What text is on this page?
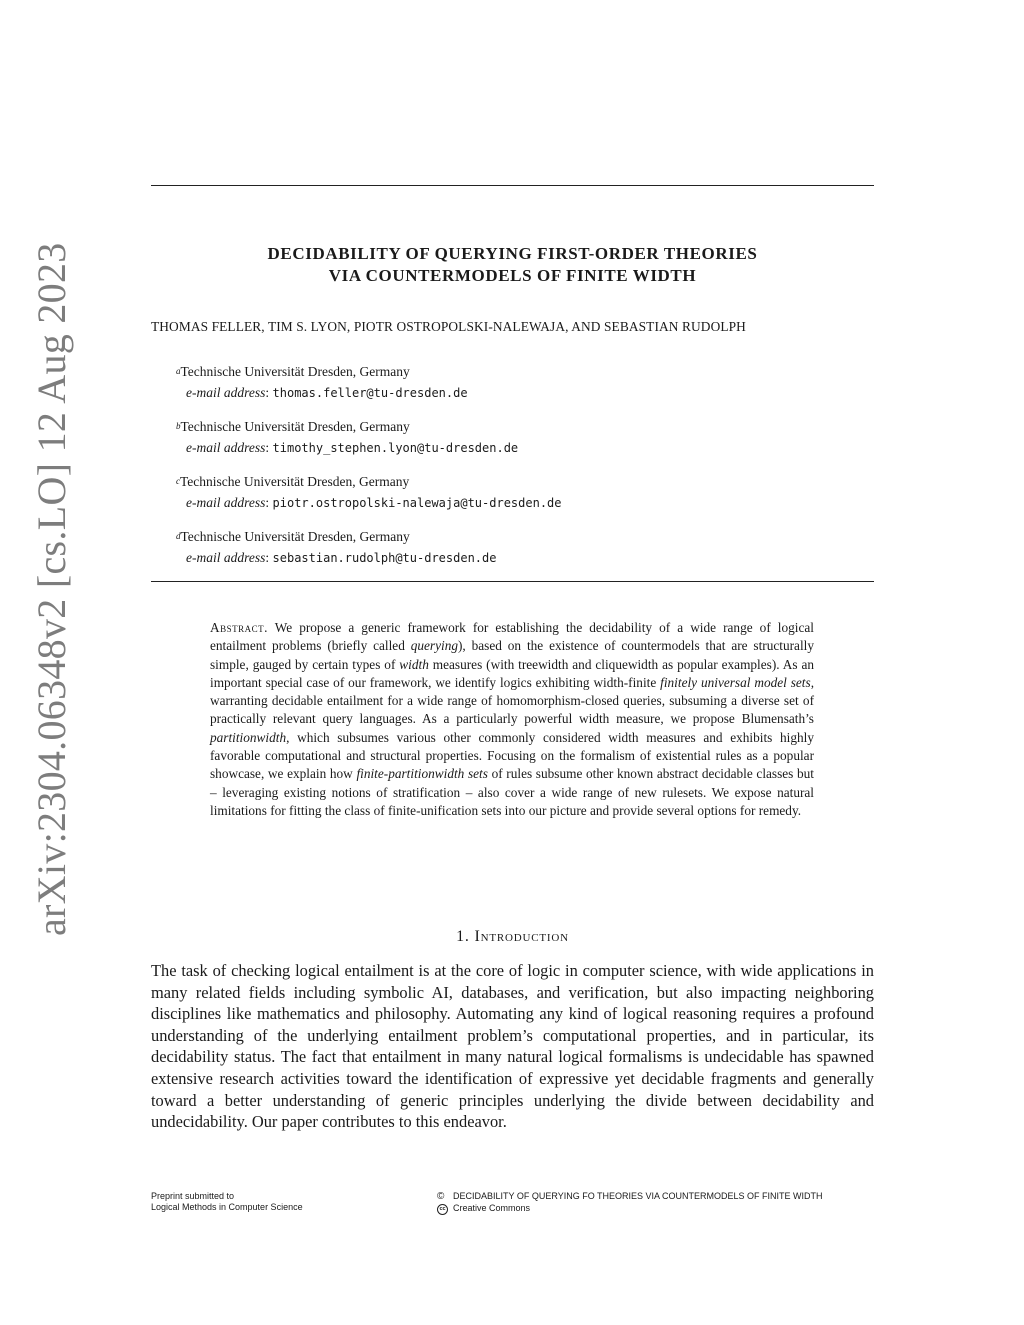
arXiv:2304.06348v2 [cs.LO] 12 Aug 2023	DECIDABILITY OF QUERYING FIRST-ORDER THEORIES
VIA COUNTERMODELS OF FINITE WIDTH
THOMAS FELLER, TIM S. LYON, PIOTR OSTROPOLSKI-NALEWAJA, AND SEBASTIAN RUDOLPH
$^a$Technische Universität Dresden, Germany
e-mail address: thomas.feller@tu-dresden.de
$^b$Technische Universität Dresden, Germany
e-mail address: timothy_stephen.lyon@tu-dresden.de
$^c$Technische Universität Dresden, Germany
e-mail address: piotr.ostropolski-nalewaja@tu-dresden.de
$^d$Technische Universität Dresden, Germany
e-mail address: sebastian.rudolph@tu-dresden.de
Abstract. We propose a generic framework for establishing the decidability of a wide range of logical entailment problems (briefly called querying), based on the existence of countermodels that are structurally simple, gauged by certain types of width measures (with treewidth and cliquewidth as popular examples). As an important special case of our framework, we identify logics exhibiting width-finite finitely universal model sets, warranting decidable entailment for a wide range of homomorphism-closed queries, subsuming a diverse set of practically relevant query languages. As a particularly powerful width measure, we propose Blumensath’s partitionwidth, which subsumes various other commonly considered width measures and exhibits highly favorable computational and structural properties. Focusing on the formalism of existential rules as a popular showcase, we explain how finite-partitionwidth sets of rules subsume other known abstract decidable classes but – leveraging existing notions of stratification – also cover a wide range of new rulesets. We expose natural limitations for fitting the class of finite-unification sets into our picture and provide several options for remedy.
1. Introduction
The task of checking logical entailment is at the core of logic in computer science, with wide applications in many related fields including symbolic AI, databases, and verification, but also impacting neighboring disciplines like mathematics and philosophy. Automating any kind of logical reasoning requires a profound understanding of the underlying entailment problem’s computational properties, and in particular, its decidability status. The fact that entailment in many natural logical formalisms is undecidable has spawned extensive research activities toward the identification of expressive yet decidable fragments and generally toward a better understanding of generic principles underlying the divide between decidability and undecidability. Our paper contributes to this endeavor.
Preprint submitted to
Logical Methods in Computer Science
© DECIDABILITY OF QUERYING FO THEORIES VIA COUNTERMODELS OF FINITE WIDTH
cc Creative Commons
